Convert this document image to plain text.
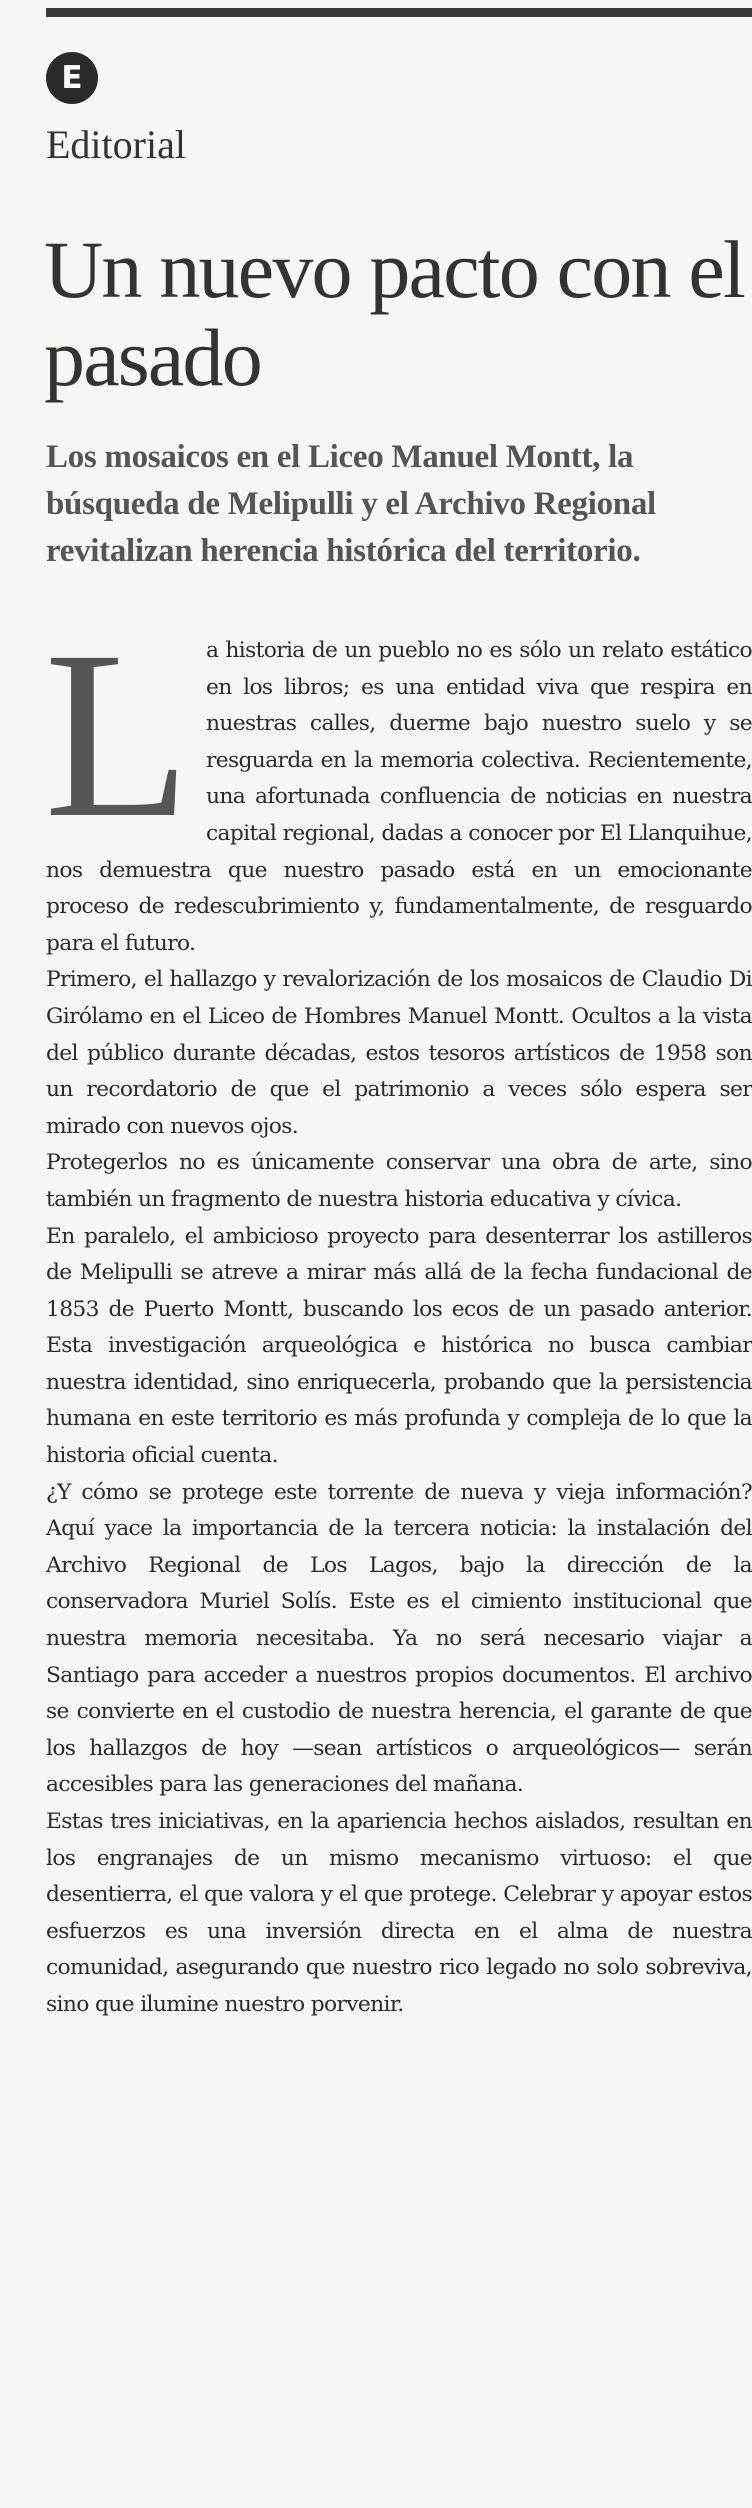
E
Editorial
Un nuevo pacto con el pasado

Los mosaicos en el Liceo Manuel Montt, la búsqueda de Melipulli y el Archivo Regional revitalizan herencia histórica del territorio.

La historia de un pueblo no es sólo un relato estático en los libros; es una entidad viva que respira en nuestras calles, duerme bajo nuestro suelo y se resguarda en la memoria colectiva. Recientemente, una afortunada confluencia de noticias en nuestra capital regional, dadas a conocer por El Llanquihue, nos demuestra que nuestro pasado está en un emocionante proceso de redescubrimiento y, fundamentalmente, de resguardo para el futuro.

Primero, el hallazgo y revalorización de los mosaicos de Claudio Di Girólamo en el Liceo de Hombres Manuel Montt. Ocultos a la vista del público durante décadas, estos tesoros artísticos de 1958 son un recordatorio de que el patrimonio a veces sólo espera ser mirado con nuevos ojos.

Protegerlos no es únicamente conservar una obra de arte, sino también un fragmento de nuestra historia educativa y cívica.

En paralelo, el ambicioso proyecto para desenterrar los astilleros de Melipulli se atreve a mirar más allá de la fecha fundacional de 1853 de Puerto Montt, buscando los ecos de un pasado anterior. Esta investigación arqueológica e histórica no busca cambiar nuestra identidad, sino enriquecerla, probando que la persistencia humana en este territorio es más profunda y compleja de lo que la historia oficial cuenta.

¿Y cómo se protege este torrente de nueva y vieja información? Aquí yace la importancia de la tercera noticia: la instalación del Archivo Regional de Los Lagos, bajo la dirección de la conservadora Muriel Solís. Este es el cimiento institucional que nuestra memoria necesitaba. Ya no será necesario viajar a Santiago para acceder a nuestros propios documentos. El archivo se convierte en el custodio de nuestra herencia, el garante de que los hallazgos de hoy —sean artísticos o arqueológicos— serán accesibles para las generaciones del mañana.

Estas tres iniciativas, en la apariencia hechos aislados, resultan en los engranajes de un mismo mecanismo virtuoso: el que desentierra, el que valora y el que protege. Celebrar y apoyar estos esfuerzos es una inversión directa en el alma de nuestra comunidad, asegurando que nuestro rico legado no solo sobreviva, sino que ilumine nuestro porvenir.
